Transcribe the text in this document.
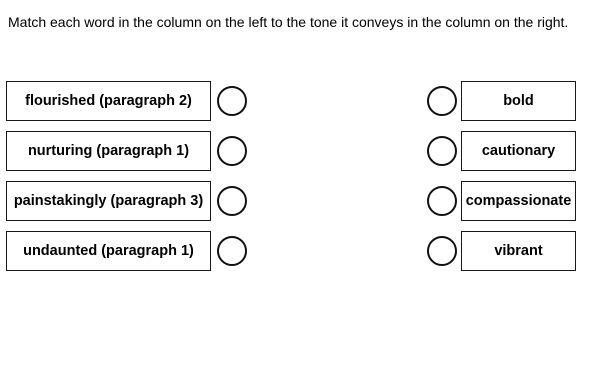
Match each word in the column on the left to the tone it conveys in the column on the right.
flourished (paragraph 2)
nurturing (paragraph 1)
painstakingly (paragraph 3)
undaunted (paragraph 1)
bold
cautionary
compassionate
vibrant
